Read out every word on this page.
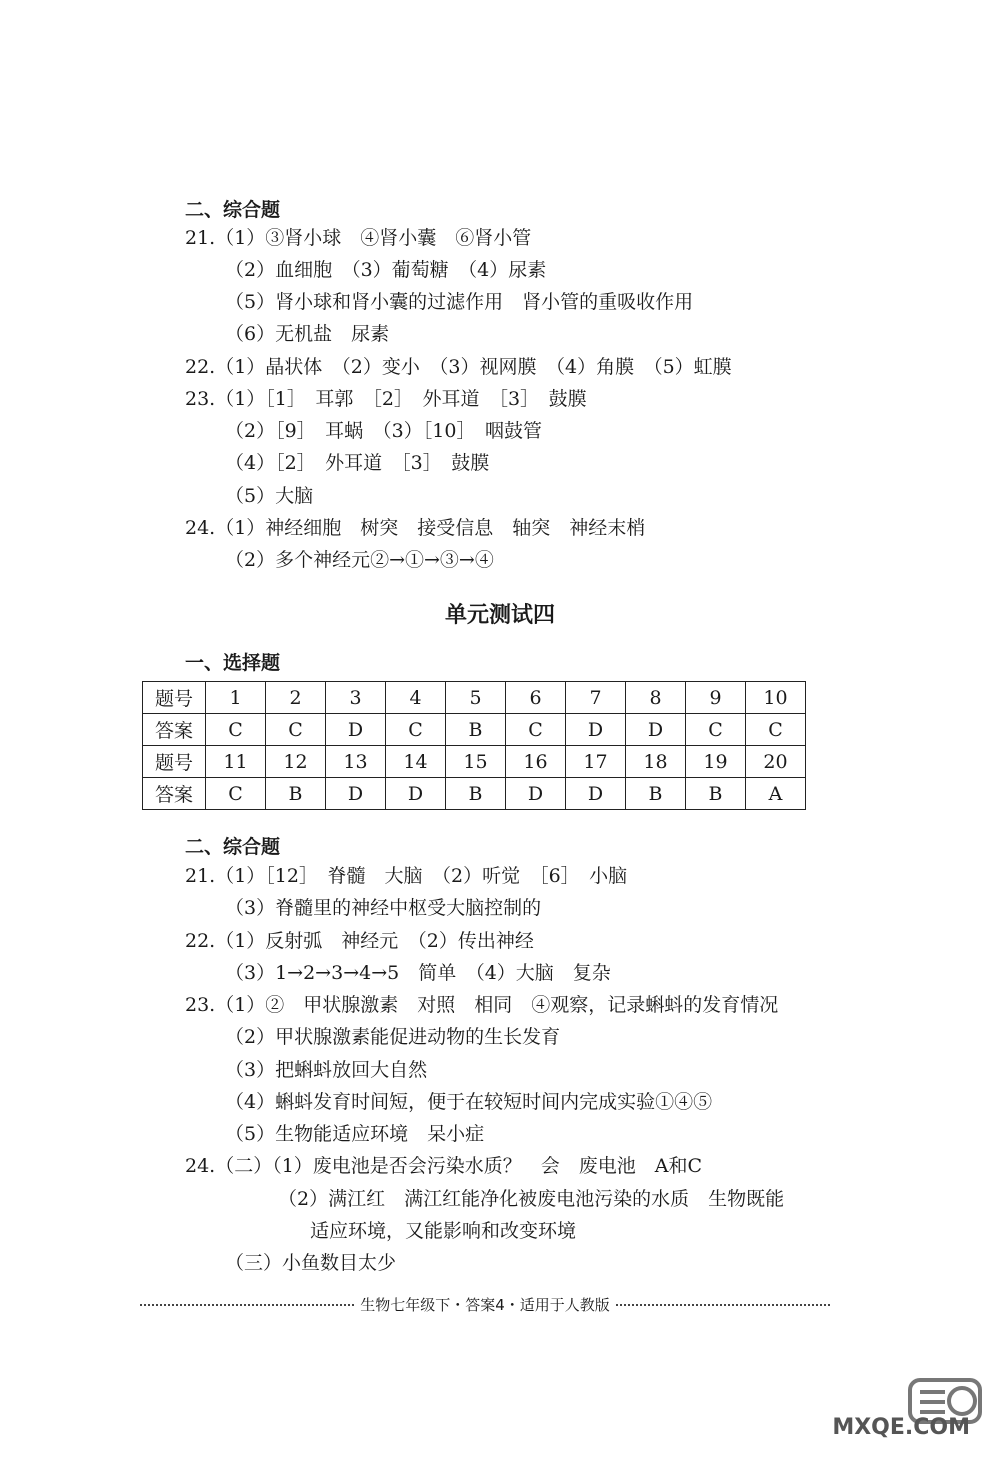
二、综合题
21.（1）③肾小球　④肾小囊　⑥肾小管
（2）血细胞　（3）葡萄糖　（4）尿素
（5）肾小球和肾小囊的过滤作用　肾小管的重吸收作用
（6）无机盐　尿素
22.（1）晶状体　（2）变小　（3）视网膜　（4）角膜　（5）虹膜
23.（1）［1］　耳郭　［2］　外耳道　［3］　鼓膜
（2）［9］　耳蜗　（3）［10］　咽鼓管
（4）［2］　外耳道　［3］　鼓膜
（5）大脑
24.（1）神经细胞　树突　接受信息　轴突　神经末梢
（2）多个神经元②→①→③→④
单元测试四
一、选择题
题号	1	2	3	4	5	6	7	8	9	10
答案	C	C	D	C	B	C	D	D	C	C
题号	11	12	13	14	15	16	17	18	19	20
答案	C	B	D	D	B	D	D	B	B	A
二、综合题
21.（1）［12］　脊髓　大脑　（2）听觉　［6］　小脑
（3）脊髓里的神经中枢受大脑控制的
22.（1）反射弧　神经元　（2）传出神经
（3）1→2→3→4→5　简单　（4）大脑　复杂
23.（1）②　甲状腺激素　对照　相同　④观察，记录蝌蚪的发育情况
（2）甲状腺激素能促进动物的生长发育
（3）把蝌蚪放回大自然
（4）蝌蚪发育时间短，便于在较短时间内完成实验①④⑤
（5）生物能适应环境　呆小症
24.（二）（1）废电池是否会污染水质？　会　废电池　A和C
（2）满江红　满江红能净化被废电池污染的水质　生物既能
适应环境，又能影响和改变环境
（三）小鱼数目太少
生物七年级下・答案4・适用于人教版
MXQE.COM
